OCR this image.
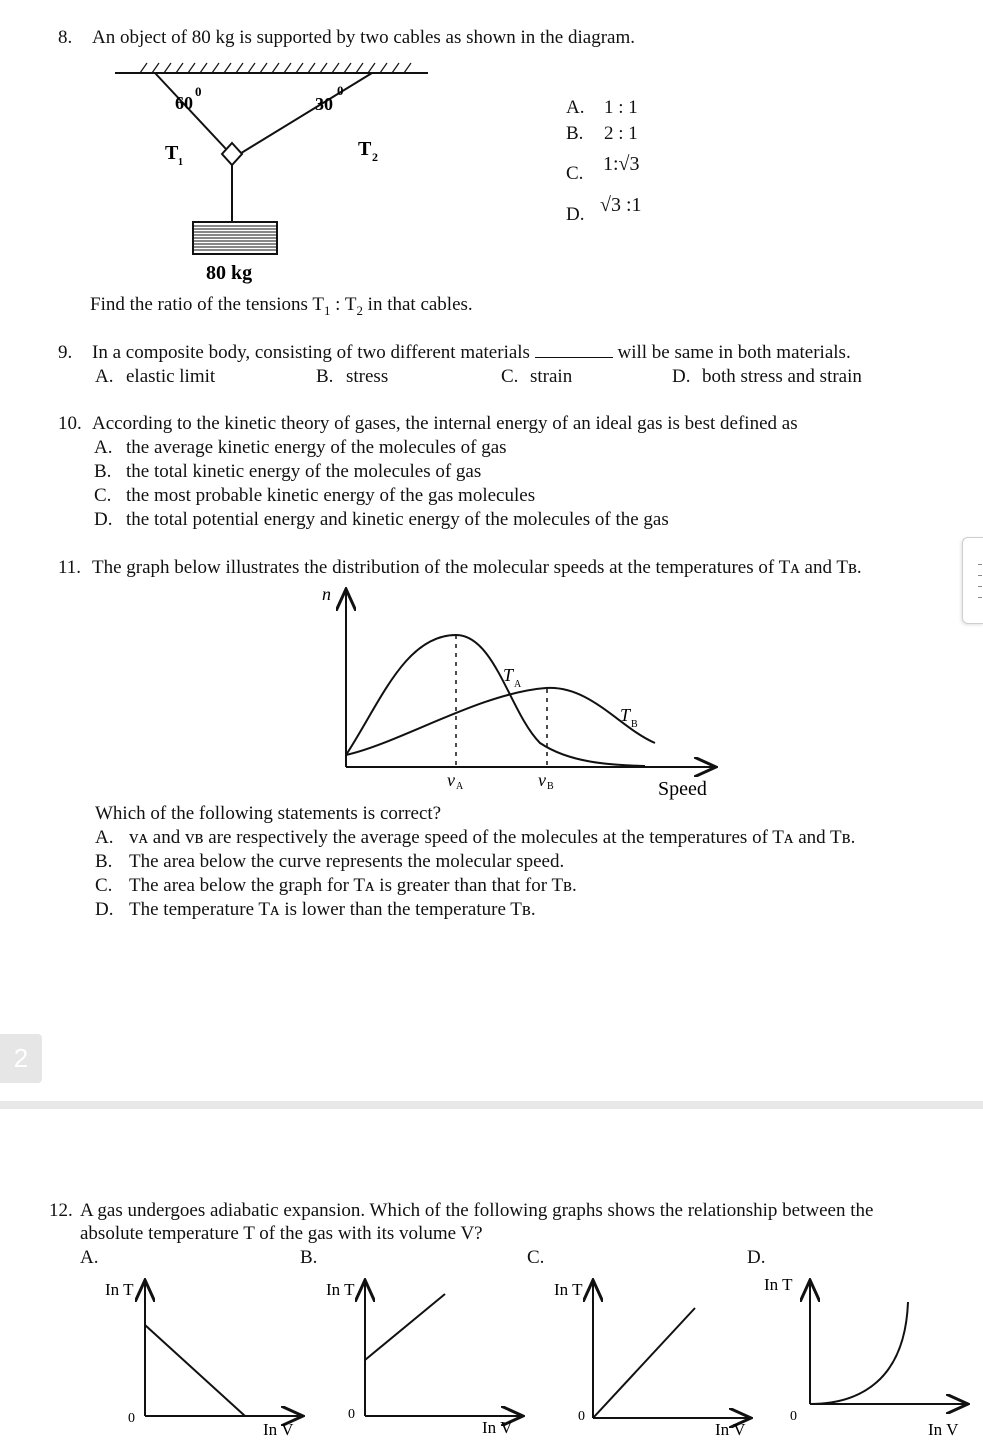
8. An object of 80 kg is supported by two cables as shown in the diagram.
60
0
30
0
T 1
T 2
80 kg
A. 1 : 1
B. 2 : 1
C. 1:√3
D. √3 :1
Find the ratio of the tensions $T_1$ : $T_2$ in that cables.
9. In a composite body, consisting of two different materials	will be same in both materials.
A. elastic limit	B. stress	C. strain	D. both stress and strain
10. According to the kinetic theory of gases, the internal energy of an ideal gas is best defined as
A. the average kinetic energy of the molecules of gas
B. the total kinetic energy of the molecules of gas
C. the most probable kinetic energy of the gas molecules
D. the total potential energy and kinetic energy of the molecules of the gas
11. The graph below illustrates the distribution of the molecular speeds at the temperatures of Tᴀ and Tʙ.
n
T A
T B
v A	v B	Speed
Which of the following statements is correct?
A. vᴀ and vʙ are respectively the average speed of the molecules at the temperatures of Tᴀ and Tʙ.
B. The area below the curve represents the molecular speed.
C. The area below the graph for Tᴀ is greater than that for Tʙ.
D. The temperature Tᴀ is lower than the temperature Tʙ.
2
12. A gas undergoes adiabatic expansion. Which of the following graphs shows the relationship between the
absolute temperature T of the gas with its volume V?
A.	B.	C.	D.
In T
0
In V
In T
0
In V
In T
0
In V
In T
0
In V
